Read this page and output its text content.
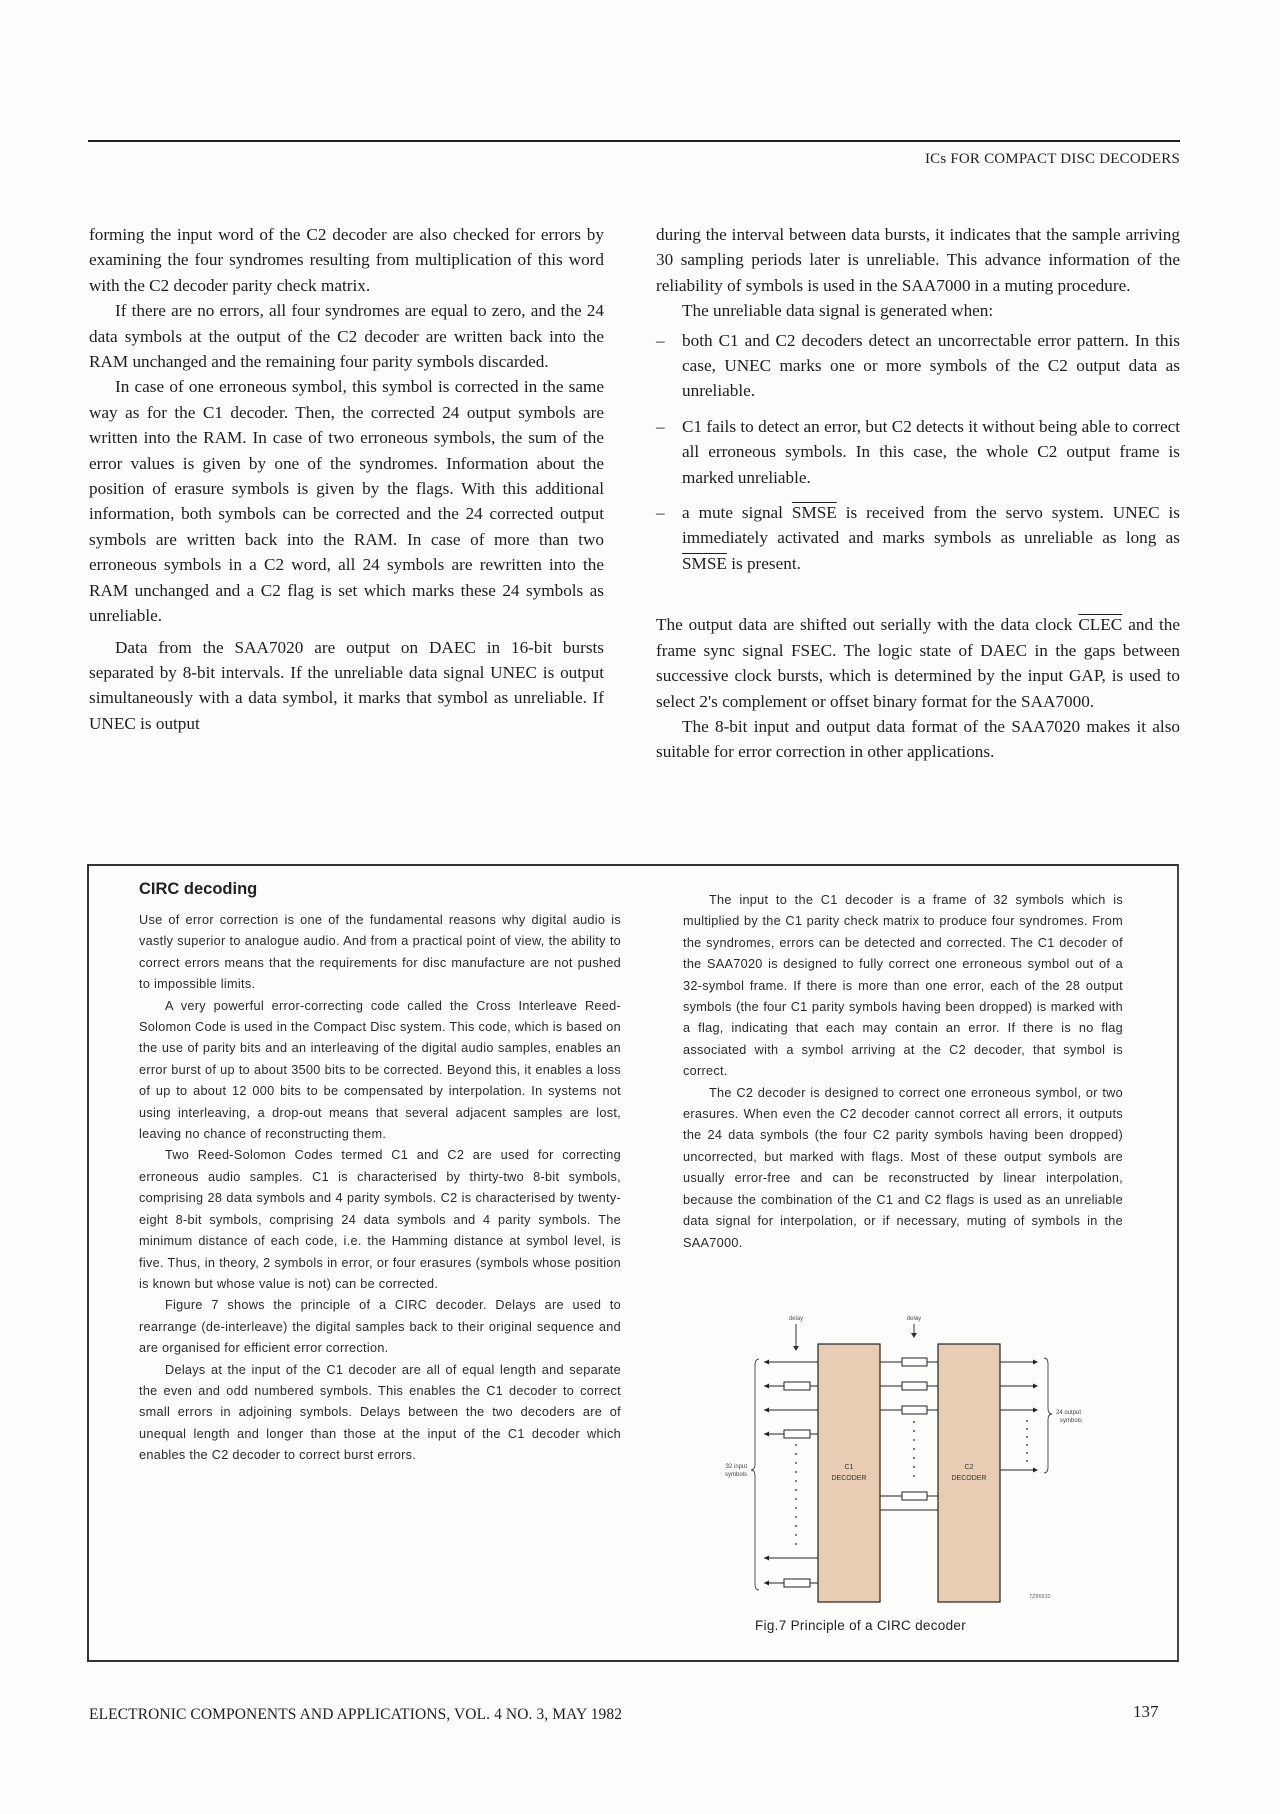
ICs FOR COMPACT DISC DECODERS

forming the input word of the C2 decoder are also checked for errors by examining the four syndromes resulting from multiplication of this word with the C2 decoder parity check matrix.

If there are no errors, all four syndromes are equal to zero, and the 24 data symbols at the output of the C2 decoder are written back into the RAM unchanged and the remaining four parity symbols discarded.

In case of one erroneous symbol, this symbol is corrected in the same way as for the C1 decoder. Then, the corrected 24 output symbols are written into the RAM. In case of two erroneous symbols, the sum of the error values is given by one of the syndromes. Information about the position of erasure symbols is given by the flags. With this additional information, both symbols can be corrected and the 24 corrected output symbols are written back into the RAM. In case of more than two erroneous symbols in a C2 word, all 24 symbols are rewritten into the RAM unchanged and a C2 flag is set which marks these 24 symbols as unreliable.

Data from the SAA7020 are output on DAEC in 16-bit bursts separated by 8-bit intervals. If the unreliable data signal UNEC is output simultaneously with a data symbol, it marks that symbol as unreliable. If UNEC is output

during the interval between data bursts, it indicates that the sample arriving 30 sampling periods later is unreliable. This advance information of the reliability of symbols is used in the SAA7000 in a muting procedure.

The unreliable data signal is generated when:

– both C1 and C2 decoders detect an uncorrectable error pattern. In this case, UNEC marks one or more symbols of the C2 output data as unreliable.
– C1 fails to detect an error, but C2 detects it without being able to correct all erroneous symbols. In this case, the whole C2 output frame is marked unreliable.
– a mute signal SMSE is received from the servo system. UNEC is immediately activated and marks symbols as unreliable as long as SMSE is present.

The output data are shifted out serially with the data clock CLEC and the frame sync signal FSEC. The logic state of DAEC in the gaps between successive clock bursts, which is determined by the input GAP, is used to select 2's complement or offset binary format for the SAA7000.

The 8-bit input and output data format of the SAA7020 makes it also suitable for error correction in other applications.

CIRC decoding

Use of error correction is one of the fundamental reasons why digital audio is vastly superior to analogue audio. And from a practical point of view, the ability to correct errors means that the requirements for disc manufacture are not pushed to impossible limits.

A very powerful error-correcting code called the Cross Interleave Reed-Solomon Code is used in the Compact Disc system. This code, which is based on the use of parity bits and an interleaving of the digital audio samples, enables an error burst of up to about 3500 bits to be corrected. Beyond this, it enables a loss of up to about 12 000 bits to be compensated by interpolation. In systems not using interleaving, a drop-out means that several adjacent samples are lost, leaving no chance of reconstructing them.

Two Reed-Solomon Codes termed C1 and C2 are used for correcting erroneous audio samples. C1 is characterised by thirty-two 8-bit symbols, comprising 28 data symbols and 4 parity symbols. C2 is characterised by twenty-eight 8-bit symbols, comprising 24 data symbols and 4 parity symbols. The minimum distance of each code, i.e. the Hamming distance at symbol level, is five. Thus, in theory, 2 symbols in error, or four erasures (symbols whose position is known but whose value is not) can be corrected.

Figure 7 shows the principle of a CIRC decoder. Delays are used to rearrange (de-interleave) the digital samples back to their original sequence and are organised for efficient error correction.

Delays at the input of the C1 decoder are all of equal length and separate the even and odd numbered symbols. This enables the C1 decoder to correct small errors in adjoining symbols. Delays between the two decoders are of unequal length and longer than those at the input of the C1 decoder which enables the C2 decoder to correct burst errors.

The input to the C1 decoder is a frame of 32 symbols which is multiplied by the C1 parity check matrix to produce four syndromes. From the syndromes, errors can be detected and corrected. The C1 decoder of the SAA7020 is designed to fully correct one erroneous symbol out of a 32-symbol frame. If there is more than one error, each of the 28 output symbols (the four C1 parity symbols having been dropped) is marked with a flag, indicating that each may contain an error. If there is no flag associated with a symbol arriving at the C2 decoder, that symbol is correct.

The C2 decoder is designed to correct one erroneous symbol, or two erasures. When even the C2 decoder cannot correct all errors, it outputs the 24 data symbols (the four C2 parity symbols having been dropped) uncorrected, but marked with flags. Most of these output symbols are usually error-free and can be reconstructed by linear interpolation, because the combination of the C1 and C2 flags is used as an unreliable data signal for interpolation, or if necessary, muting of symbols in the SAA7000.

delay	delay
C1
DECODER
C2
DECODER
32 input
symbols
24 output
symbols
7Z86532
Fig.7 Principle of a CIRC decoder
ELECTRONIC COMPONENTS AND APPLICATIONS, VOL. 4 NO. 3, MAY 1982	137
